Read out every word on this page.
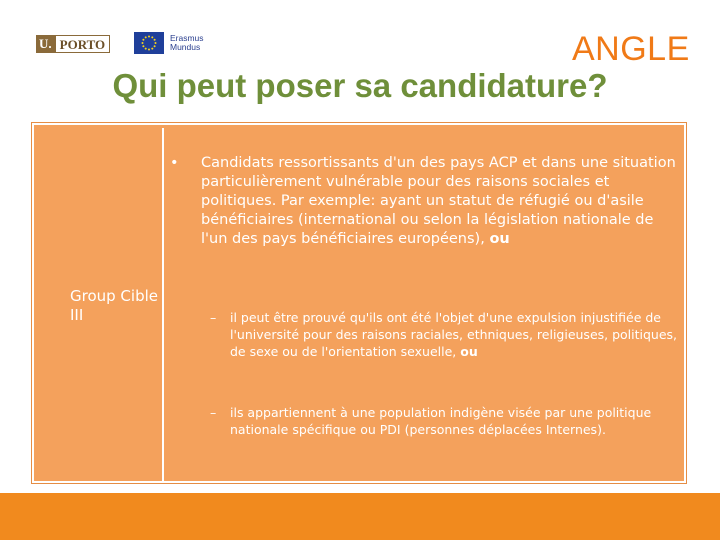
U. PORTO	Erasmus
Mundus	ANGLE
Qui peut poser sa candidature?

Group Cible III

• Candidats ressortissants d'un des pays ACP et dans une situation particulièrement vulnérable pour des raisons sociales et politiques. Par exemple: ayant un statut de réfugié ou d'asile bénéficiaires (international ou selon la législation nationale de l'un des pays bénéficiaires européens), ou
– il peut être prouvé qu'ils ont été l'objet d'une expulsion injustifiée de l'université pour des raisons raciales, ethniques, religieuses, politiques, de sexe ou de l'orientation sexuelle, ou
– ils appartiennent à une population indigène visée par une politique nationale spécifique ou PDI (personnes déplacées Internes).
